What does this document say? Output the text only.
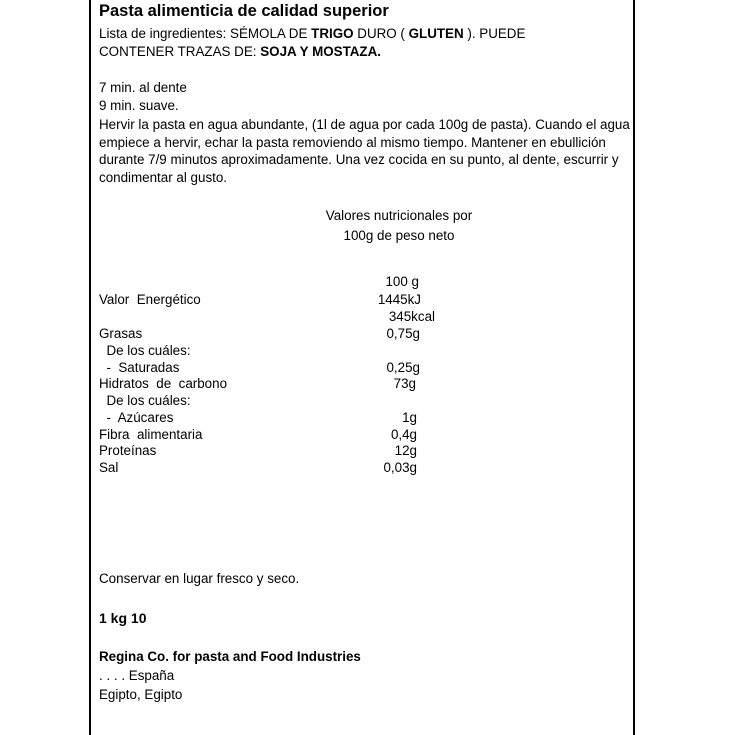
Pasta alimenticia de calidad superior
Lista de ingredientes: SÉMOLA DE TRIGO DURO ( GLUTEN ). PUEDE
CONTENER TRAZAS DE: SOJA Y MOSTAZA.
7 min. al dente
9 min. suave.
Hervir la pasta en agua abundante, (1l de agua por cada 100g de pasta). Cuando el agua empiece a hervir, echar la pasta removiendo al mismo tiempo. Mantener en ebullición durante 7/9 minutos aproximadamente. Una vez cocida en su punto, al dente, escurrir y condimentar al gusto.
Valores nutricionales por
100g de peso neto
100 g
Valor  Energético	1445kJ
345kcal
Grasas	0,75g
De los cuáles:
-  Saturadas	0,25g
Hidratos  de  carbono	73g
De los cuáles:
-  Azúcares	1g
Fibra  alimentaria	0,4g
Proteínas	12g
Sal	0,03g
Conservar en lugar fresco y seco.
1 kg 10
Regina Co. for pasta and Food Industries
. . . . España
Egipto, Egipto
